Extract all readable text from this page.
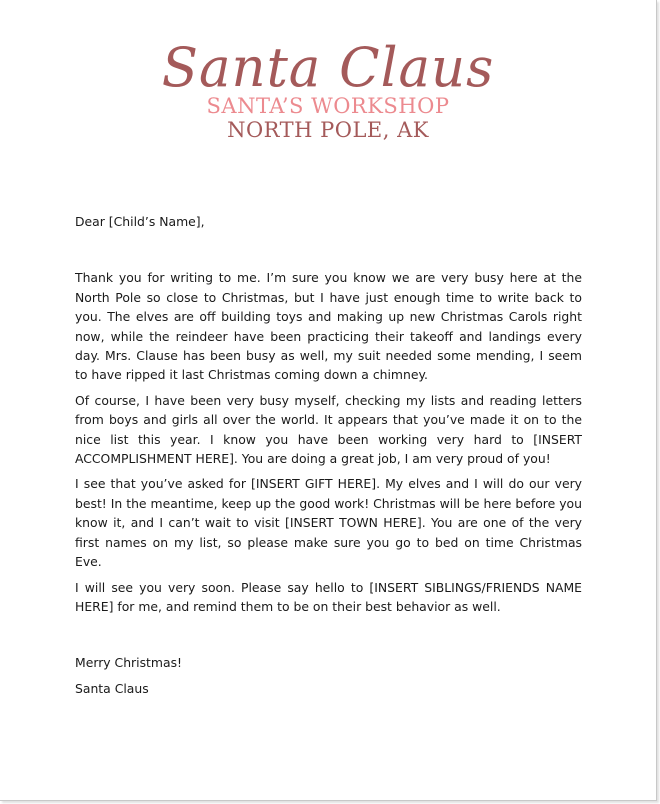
Santa Claus
SANTA’S WORKSHOP
NORTH POLE, AK

Dear [Child’s Name],

Thank you for writing to me. I’m sure you know we are very busy here at the North Pole so close to Christmas, but I have just enough time to write back to you. The elves are off building toys and making up new Christmas Carols right now, while the reindeer have been practicing their takeoff and landings every day. Mrs. Clause has been busy as well, my suit needed some mending, I seem to have ripped it last Christmas coming down a chimney.

Of course, I have been very busy myself, checking my lists and reading letters from boys and girls all over the world. It appears that you’ve made it on to the nice list this year. I know you have been working very hard to [INSERT ACCOMPLISHMENT HERE]. You are doing a great job, I am very proud of you!

I see that you’ve asked for [INSERT GIFT HERE]. My elves and I will do our very best! In the meantime, keep up the good work! Christmas will be here before you know it, and I can’t wait to visit [INSERT TOWN HERE]. You are one of the very first names on my list, so please make sure you go to bed on time Christmas Eve.

I will see you very soon. Please say hello to [INSERT SIBLINGS/FRIENDS NAME HERE] for me, and remind them to be on their best behavior as well.

Merry Christmas!

Santa Claus
